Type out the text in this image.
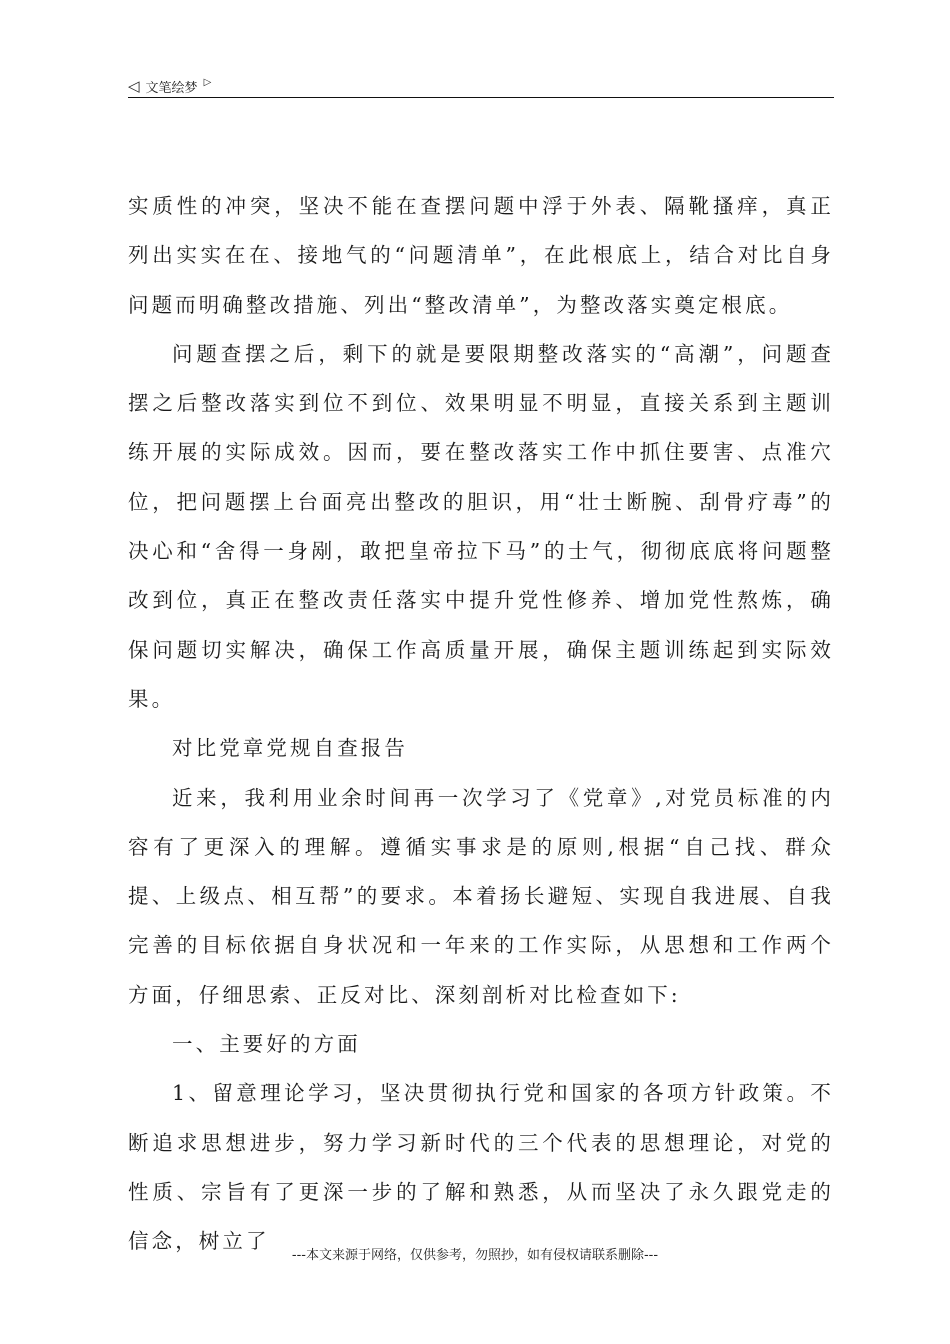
◁ 文笔绘梦 ▷

实质性的冲突，坚决不能在查摆问题中浮于外表、隔靴搔痒，真正列出实实在在、接地气的“问题清单”，在此根底上，结合对比自身问题而明确整改措施、列出“整改清单”，为整改落实奠定根底。

问题查摆之后，剩下的就是要限期整改落实的“高潮”，问题查摆之后整改落实到位不到位、效果明显不明显，直接关系到主题训练开展的实际成效。因而，要在整改落实工作中抓住要害、点准穴位，把问题摆上台面亮出整改的胆识，用“壮士断腕、刮骨疗毒”的决心和“舍得一身剐，敢把皇帝拉下马”的士气，彻彻底底将问题整改到位，真正在整改责任落实中提升党性修养、增加党性熬炼，确保问题切实解决，确保工作高质量开展，确保主题训练起到实际效果。

对比党章党规自查报告

近来，我利用业余时间再一次学习了《党章》,对党员标准的内容有了更深入的理解。遵循实事求是的原则,根据“自己找、群众提、上级点、相互帮”的要求。本着扬长避短、实现自我进展、自我完善的目标依据自身状况和一年来的工作实际，从思想和工作两个方面，仔细思索、正反对比、深刻剖析对比检查如下:

一、主要好的方面

1、留意理论学习，坚决贯彻执行党和国家的各项方针政策。不断追求思想进步，努力学习新时代的三个代表的思想理论，对党的性质、宗旨有了更深一步的了解和熟悉，从而坚决了永久跟党走的信念，树立了

---本文来源于网络，仅供参考，勿照抄，如有侵权请联系删除---
